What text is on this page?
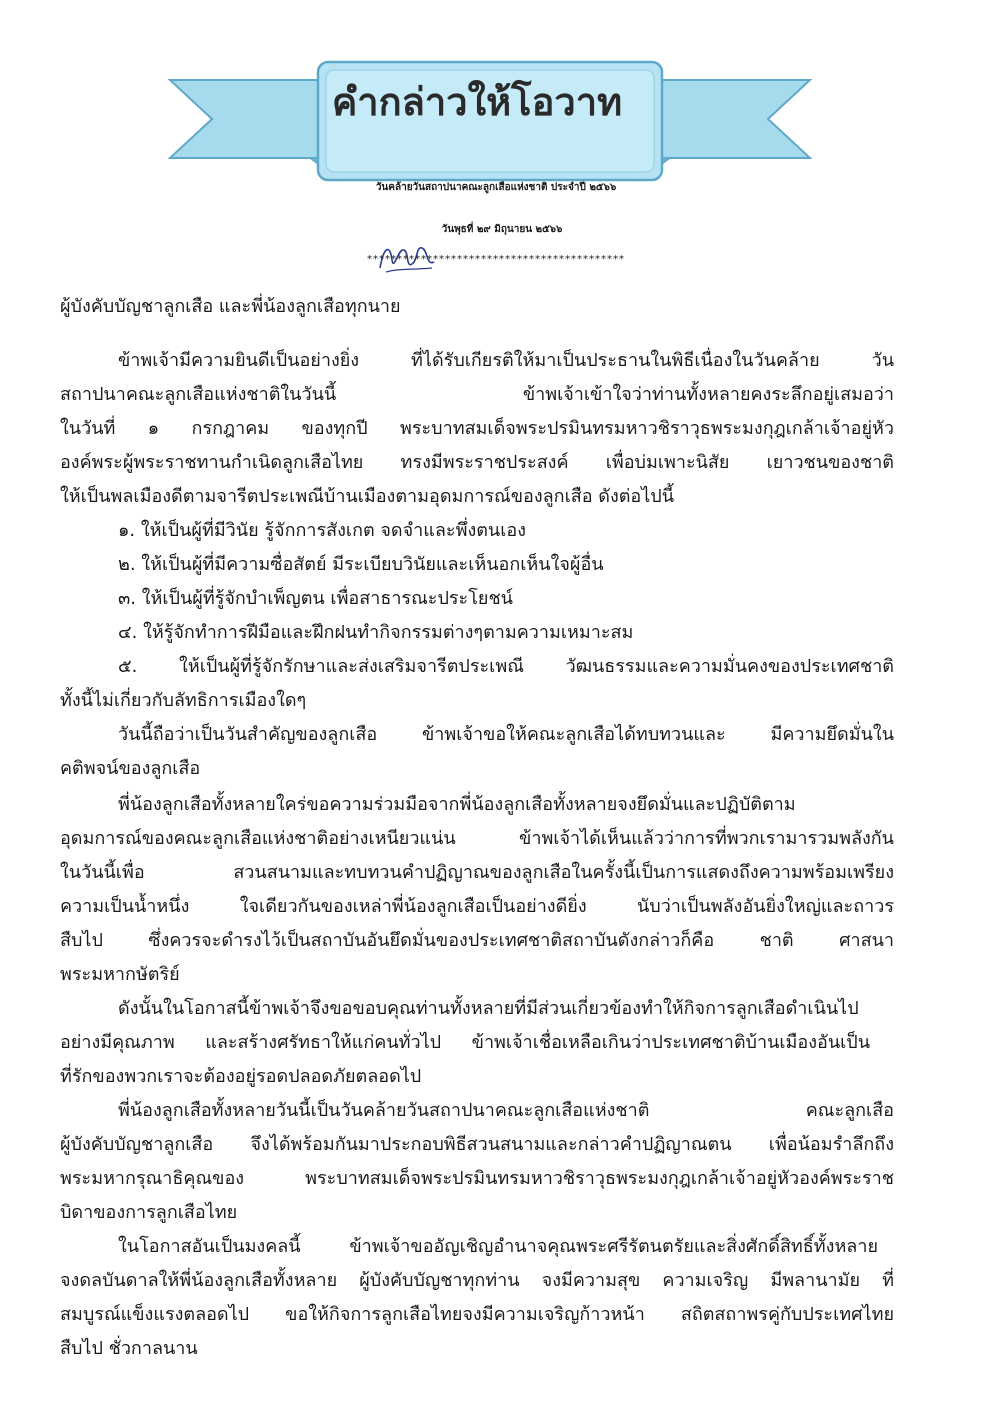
คำกล่าวให้โอวาท
วันคล้ายวันสถาปนาคณะลูกเสือแห่งชาติ ประจำปี ๒๕๖๖
วันพุธที่ ๒๙ มิถุนายน ๒๕๖๖
*******************************************
ผู้บังคับบัญชาลูกเสือ และพี่น้องลูกเสือทุกนาย
ข้าพเจ้ามีความยินดีเป็นอย่างยิ่ง ที่ได้รับเกียรติให้มาเป็นประธานในพิธีเนื่องในวันคล้าย วัน
สถาปนาคณะลูกเสือแห่งชาติในวันนี้ ข้าพเจ้าเข้าใจว่าท่านทั้งหลายคงระลึกอยู่เสมอว่า
ในวันที่ ๑ กรกฎาคม ของทุกปี พระบาทสมเด็จพระปรมินทรมหาวชิราวุธพระมงกุฎเกล้าเจ้าอยู่หัว
องค์พระผู้พระราชทานกำเนิดลูกเสือไทย ทรงมีพระราชประสงค์ เพื่อบ่มเพาะนิสัย เยาวชนของชาติ
ให้เป็นพลเมืองดีตามจารีตประเพณีบ้านเมืองตามอุดมการณ์ของลูกเสือ ดังต่อไปนี้
๑. ให้เป็นผู้ที่มีวินัย รู้จักการสังเกต จดจำและพึ่งตนเอง
๒. ให้เป็นผู้ที่มีความซื่อสัตย์ มีระเบียบวินัยและเห็นอกเห็นใจผู้อื่น
๓. ให้เป็นผู้ที่รู้จักบำเพ็ญตน เพื่อสาธารณะประโยชน์
๔. ให้รู้จักทำการฝีมือและฝึกฝนทำกิจกรรมต่างๆตามความเหมาะสม
๕. ให้เป็นผู้ที่รู้จักรักษาและส่งเสริมจารีตประเพณี วัฒนธรรมและความมั่นคงของประเทศชาติ
ทั้งนี้ไม่เกี่ยวกับลัทธิการเมืองใดๆ
วันนี้ถือว่าเป็นวันสำคัญของลูกเสือ ข้าพเจ้าขอให้คณะลูกเสือได้ทบทวนและ มีความยึดมั่นใน
คติพจน์ของลูกเสือ
พี่น้องลูกเสือทั้งหลายใคร่ขอความร่วมมือจากพี่น้องลูกเสือทั้งหลายจงยึดมั่นและปฏิบัติตาม
อุดมการณ์ของคณะลูกเสือแห่งชาติอย่างเหนียวแน่น ข้าพเจ้าได้เห็นแล้วว่าการที่พวกเรามารวมพลังกัน
ในวันนี้เพื่อ สวนสนามและทบทวนคำปฏิญาณของลูกเสือในครั้งนี้เป็นการแสดงถึงความพร้อมเพรียง
ความเป็นน้ำหนึ่ง ใจเดียวกันของเหล่าพี่น้องลูกเสือเป็นอย่างดียิ่ง นับว่าเป็นพลังอันยิ่งใหญ่และถาวร
สืบไป ซึ่งควรจะดำรงไว้เป็นสถาบันอันยึดมั่นของประเทศชาติสถาบันดังกล่าวก็คือ ชาติ ศาสนา
พระมหากษัตริย์
ดังนั้นในโอกาสนี้ข้าพเจ้าจึงขอขอบคุณท่านทั้งหลายที่มีส่วนเกี่ยวข้องทำให้กิจการลูกเสือดำเนินไป
อย่างมีคุณภาพ และสร้างศรัทธาให้แก่คนทั่วไป ข้าพเจ้าเชื่อเหลือเกินว่าประเทศชาติบ้านเมืองอันเป็น
ที่รักของพวกเราจะต้องอยู่รอดปลอดภัยตลอดไป
พี่น้องลูกเสือทั้งหลายวันนี้เป็นวันคล้ายวันสถาปนาคณะลูกเสือแห่งชาติ คณะลูกเสือ
ผู้บังคับบัญชาลูกเสือ จึงได้พร้อมกันมาประกอบพิธีสวนสนามและกล่าวคำปฏิญาณตน เพื่อน้อมรำลึกถึง
พระมหากรุณาธิคุณของ พระบาทสมเด็จพระปรมินทรมหาวชิราวุธพระมงกุฎเกล้าเจ้าอยู่หัวองค์พระราช
บิดาของการลูกเสือไทย
ในโอกาสอันเป็นมงคลนี้ ข้าพเจ้าขออัญเชิญอำนาจคุณพระศรีรัตนตรัยและสิ่งศักดิ์สิทธิ์ทั้งหลาย
จงดลบันดาลให้พี่น้องลูกเสือทั้งหลาย ผู้บังคับบัญชาทุกท่าน จงมีความสุข ความเจริญ มีพลานามัย ที่
สมบูรณ์แข็งแรงตลอดไป ขอให้กิจการลูกเสือไทยจงมีความเจริญก้าวหน้า สถิตสถาพรคู่กับประเทศไทย
สืบไป ชั่วกาลนาน
